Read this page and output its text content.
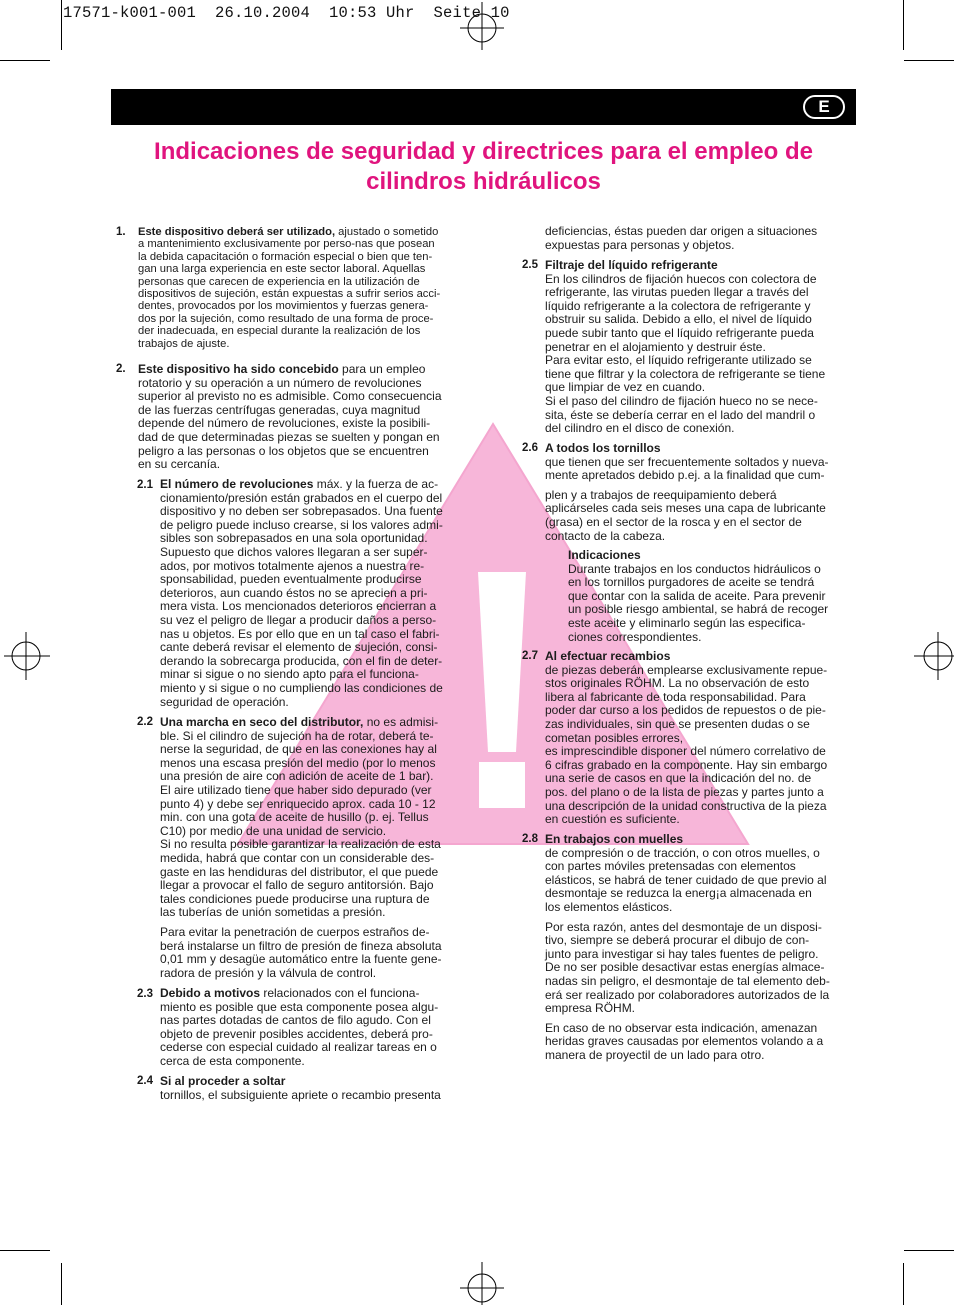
17571-k001-001  26.10.2004  10:53 Uhr  Seite 10
E
Indicaciones de seguridad y directrices para el empleo de
cilindros hidráulicos
1. Este dispositivo deberá ser utilizado, ajustado o sometido

a mantenimiento exclusivamente por perso-nas que posean

la debida capacitación o formación especial o bien que ten-

gan una larga experiencia en este sector laboral. Aquellas

personas que carecen de experiencia en la utilización de

dispositivos de sujeción, están expuestas a sufrir serios acci-

dentes, provocados por los movimientos y fuerzas genera-

dos por la sujeción, como resultado de una forma de proce-

der inadecuada, en especial durante la realización de los

trabajos de ajuste.

2. Este dispositivo ha sido concebido para un empleo

rotatorio y su operación a un número de revoluciones

superior al previsto no es admisible. Como consecuencia

de las fuerzas centrífugas generadas, cuya magnitud

depende del número de revoluciones, existe la posibili-

dad de que determinadas piezas se suelten y pongan en

peligro a las personas o los objetos que se encuentren

en su cercanía.

2.1 El número de revoluciones máx. y la fuerza de ac-

cionamiento/presión están grabados en el cuerpo del

dispositivo y no deben ser sobrepasados. Una fuente

de peligro puede incluso crearse, si los valores admi-

sibles son sobrepasados en una sola oportunidad.

Supuesto que dichos valores llegaran a ser super-

ados, por motivos totalmente ajenos a nuestra re-

sponsabilidad, pueden eventualmente producirse

deterioros, aun cuando éstos no se aprecien a pri-

mera vista. Los mencionados deterioros encierran a

su vez el peligro de llegar a producir daños a perso-

nas u objetos. Es por ello que en un tal caso el fabri-

cante deberá revisar el elemento de sujeción, consi-

derando la sobrecarga producida, con el fin de deter-

minar si sigue o no siendo apto para el funciona-

miento y si sigue o no cumpliendo las condiciones de

seguridad de operación.

2.2 Una marcha en seco del distributor, no es admisi-

ble. Si el cilindro de sujeción ha de rotar, deberá te-

nerse la seguridad, de que en las conexiones hay al

menos una escasa presión del medio (por lo menos

una presión de aire con adición de aceite de 1 bar).

El aire utilizado tiene que haber sido depurado (ver

punto 4) y debe ser enriquecido aprox. cada 10 - 12

min. con una gota de aceite de husillo (p. ej. Tellus

C10) por medio de una unidad de servicio.

Si no resulta posible garantizar la realización de esta

medida, habrá que contar con un considerable des-

gaste en las hendiduras del distributor, el que puede

llegar a provocar el fallo de seguro antitorsión. Bajo

tales condiciones puede producirse una ruptura de

las tuberías de unión sometidas a presión.

Para evitar la penetración de cuerpos estraños de-

berá instalarse un filtro de presión de fineza absoluta

0,01 mm y desagüe automático entre la fuente gene-

radora de presión y la válvula de control.

2.3 Debido a motivos relacionados con el funciona-

miento es posible que esta componente posea algu-

nas partes dotadas de cantos de filo agudo. Con el

objeto de prevenir posibles accidentes, deberá pro-

cederse con especial cuidado al realizar tareas en o

cerca de esta componente.

2.4 Si al proceder a soltar

tornillos, el subsiguiente apriete o recambio presenta

deficiencias, éstas pueden dar origen a situaciones

expuestas para personas y objetos.

2.5 Filtraje del líquido refrigerante

En los cilindros de fijación huecos con colectora de

refrigerante, las virutas pueden llegar a través del

líquido refrigerante a la colectora de refrigerante y

obstruir su salida. Debido a ello, el nivel de líquido

puede subir tanto que el líquido refrigerante pueda

penetrar en el alojamiento y destruir éste.

Para evitar esto, el líquido refrigerante utilizado se

tiene que filtrar y la colectora de refrigerante se tiene

que limpiar de vez en cuando.

Si el paso del cilindro de fijación hueco no se nece-

sita, éste se debería cerrar en el lado del mandril o

del cilindro en el disco de conexión.

2.6 A todos los tornillos

que tienen que ser frecuentemente soltados y nueva-

mente apretados debido p.ej. a la finalidad que cum-

plen y a trabajos de reequipamiento deberá

aplicárseles cada seis meses una capa de lubricante

(grasa) en el sector de la rosca y en el sector de

contacto de la cabeza.

Indicaciones

Durante trabajos en los conductos hidráulicos o

en los tornillos purgadores de aceite se tendrá

que contar con la salida de aceite. Para prevenir

un posible riesgo ambiental, se habrá de recoger

este aceite y eliminarlo según las especifica-

ciones correspondientes.

2.7 Al efectuar recambios

de piezas deberán emplearse exclusivamente repue-

stos originales RÖHM. La no observación de esto

libera al fabricante de toda responsabilidad. Para

poder dar curso a los pedidos de repuestos o de pie-

zas individuales, sin que se presenten dudas o se

cometan posibles errores,

es imprescindible disponer del número correlativo de

6 cifras grabado en la componente. Hay sin embargo

una serie de casos en que la indicación del no. de

pos. del plano o de la lista de piezas y partes junto a

una descripción de la unidad constructiva de la pieza

en cuestión es suficiente.

2.8 En trabajos con muelles

de compresión o de tracción, o con otros muelles, o

con partes móviles pretensadas con elementos

elásticos, se habrá de tener cuidado de que previo al

desmontaje se reduzca la energ¡a almacenada en

los elementos elásticos.

Por esta razón, antes del desmontaje de un disposi-

tivo, siempre se deberá procurar el dibujo de con-

junto para investigar si hay tales fuentes de peligro.

De no ser posible desactivar estas energías almace-

nadas sin peligro, el desmontaje de tal elemento deb-

erá ser realizado por colaboradores autorizados de la

empresa RÖHM.

En caso de no observar esta indicación, amenazan

heridas graves causadas por elementos volando a a

manera de proyectil de un lado para otro.
